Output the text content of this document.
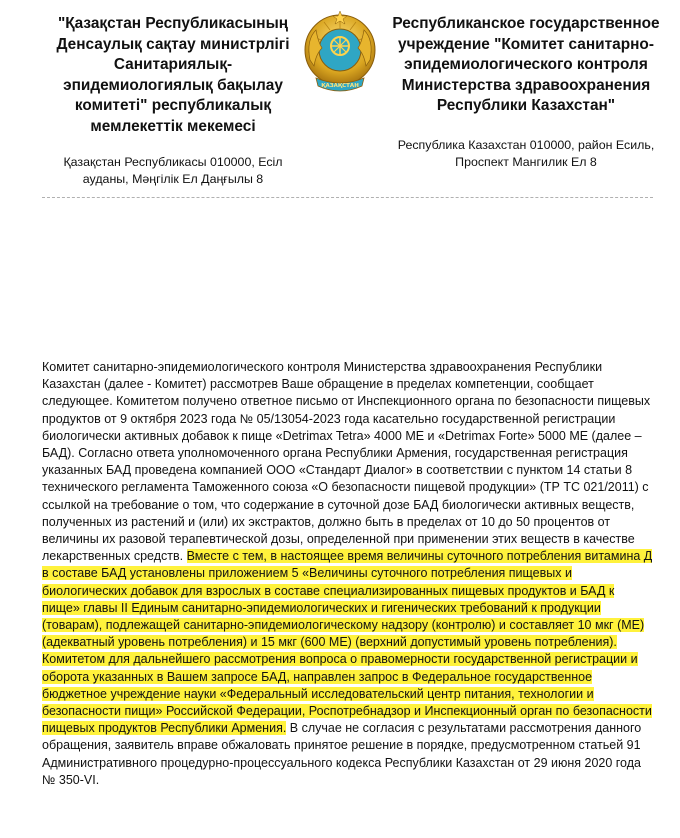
"Қазақстан Республикасының Денсаулық сақтау министрлігі Санитариялық-эпидемиологиялық бақылау комитеті" республикалық мемлекеттік мекемесі

Қазақстан Республикасы 010000, Есіл ауданы, Мәңгілік Ел Даңғылы 8
ҚАЗАҚСТАН

Республиканское государственное учреждение "Комитет санитарно-эпидемиологического контроля Министерства здравоохранения Республики Казахстан"

Республика Казахстан 010000, район Есиль, Проспект Мангилик Ел 8

Комитет санитарно-эпидемиологического контроля Министерства здравоохранения Республики Казахстан (далее - Комитет) рассмотрев Ваше обращение в пределах компетенции, сообщает следующее. Комитетом получено ответное письмо от Инспекционного органа по безопасности пищевых продуктов от 9 октября 2023 года № 05/13054-2023 года касательно государственной регистрации биологически активных добавок к пище «Detrimax Tetra» 4000 МЕ и «Detrimax Forte» 5000 МЕ (далее –БАД). Согласно ответа уполномоченного органа Республики Армения, государственная регистрация указанных БАД проведена компанией ООО «Стандарт Диалог» в соответствии с пунктом 14 статьи 8 технического регламента Таможенного союза «О безопасности пищевой продукции» (ТР ТС 021/2011) с ссылкой на требование о том, что содержание в суточной дозе БАД биологически активных веществ, полученных из растений и (или) их экстрактов, должно быть в пределах от 10 до 50 процентов от величины их разовой терапевтической дозы, определенной при применении этих веществ в качестве лекарственных средств. Вместе с тем, в настоящее время величины суточного потребления витамина Д в составе БАД установлены приложением 5 «Величины суточного потребления пищевых и биологических добавок для взрослых в составе специализированных пищевых продуктов и БАД к пище» главы II Единым санитарно-эпидемиологических и гигенических требований к продукции (товарам), подлежащей санитарно-эпидемиологическому надзору (контролю) и составляет 10 мкг (МЕ) (адекватный уровень потребления) и 15 мкг (600 МЕ) (верхний допустимый уровень потребления). Комитетом для дальнейшего рассмотрения вопроса о правомерности государственной регистрации и оборота указанных в Вашем запросе БАД, направлен запрос в Федеральное государственное бюджетное учреждение науки «Федеральный исследовательский центр питания, технологии и безопасности пищи» Российской Федерации, Роспотребнадзор и Инспекционный орган по безопасности пищевых продуктов Республики Армения. В случае не согласия с результатами рассмотрения данного обращения, заявитель вправе обжаловать принятое решение в порядке, предусмотренном статьей 91 Административного процедурно-процессуального кодекса Республики Казахстан от 29 июня 2020 года № 350-VI.
